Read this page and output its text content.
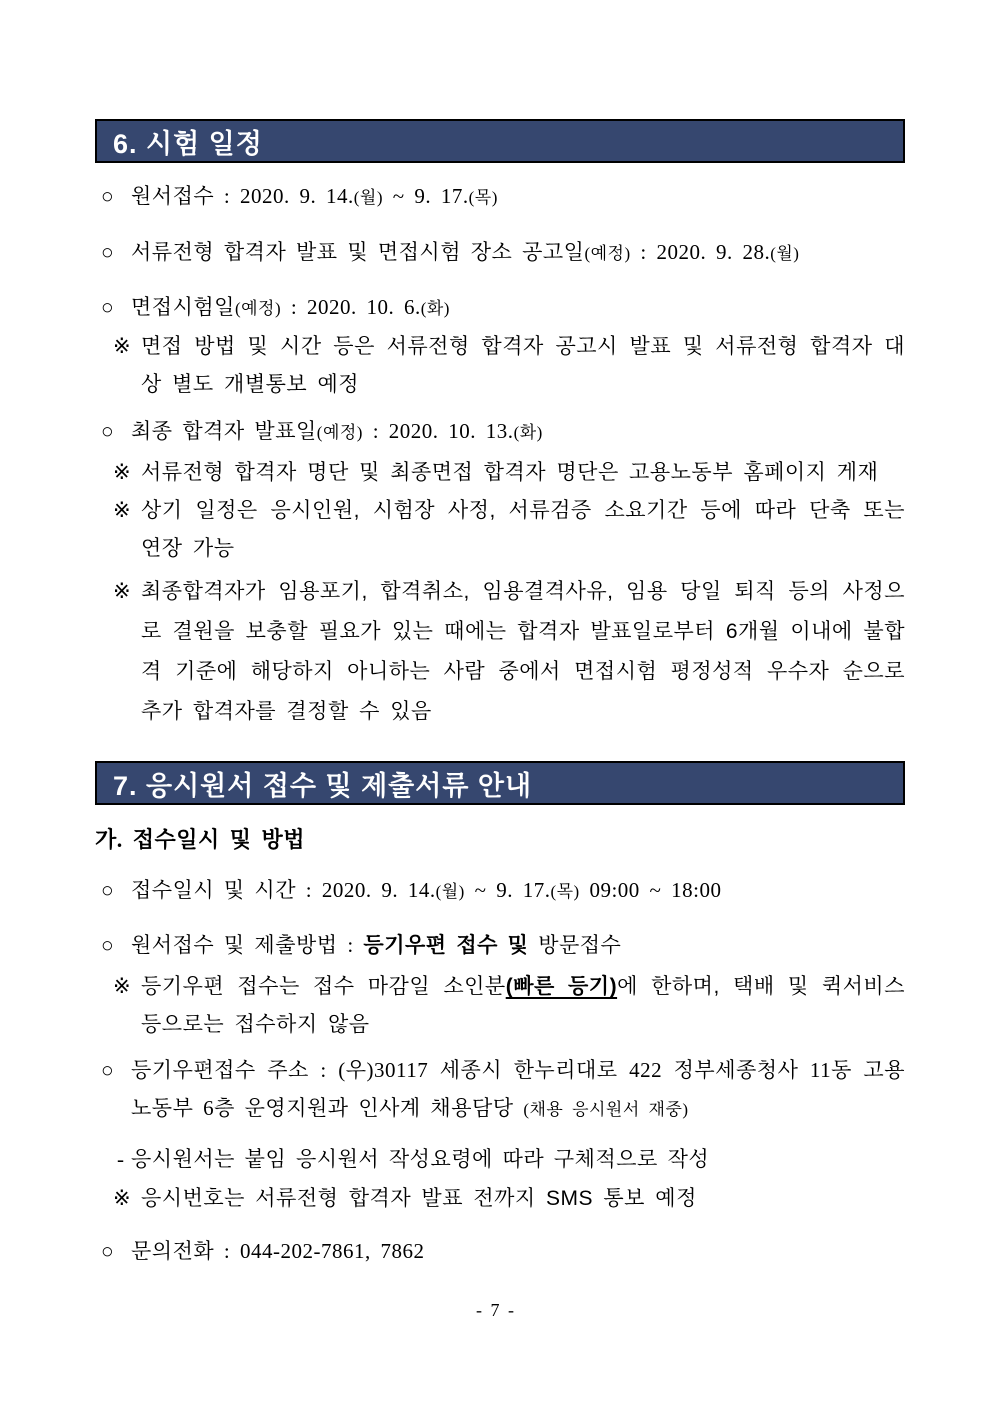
6. 시험 일정
○ 원서접수 : 2020. 9. 14.(월) ~ 9. 17.(목)
○ 서류전형 합격자 발표 및 면접시험 장소 공고일(예정) : 2020. 9. 28.(월)
○ 면접시험일(예정) : 2020. 10. 6.(화)
※ 면접 방법 및 시간 등은 서류전형 합격자 공고시 발표 및 서류전형 합격자 대상 별도 개별통보 예정
○ 최종 합격자 발표일(예정) : 2020. 10. 13.(화)
※ 서류전형 합격자 명단 및 최종면접 합격자 명단은 고용노동부 홈페이지 게재
※ 상기 일정은 응시인원, 시험장 사정, 서류검증 소요기간 등에 따라 단축 또는 연장 가능
※ 최종합격자가 임용포기, 합격취소, 임용결격사유, 임용 당일 퇴직 등의 사정으로 결원을 보충할 필요가 있는 때에는 합격자 발표일로부터 6개월 이내에 불합격 기준에 해당하지 아니하는 사람 중에서 면접시험 평정성적 우수자 순으로 추가 합격자를 결정할 수 있음
7. 응시원서 접수 및 제출서류 안내
가. 접수일시 및 방법
○ 접수일시 및 시간 : 2020. 9. 14.(월) ~ 9. 17.(목) 09:00 ~ 18:00
○ 원서접수 및 제출방법 : 등기우편 접수 및 방문접수
※ 등기우편 접수는 접수 마감일 소인분(빠른 등기)에 한하며, 택배 및 퀵서비스 등으로는 접수하지 않음
○ 등기우편접수 주소 : (우)30117 세종시 한누리대로 422 정부세종청사 11동 고용노동부 6층 운영지원과 인사계 채용담당 (채용 응시원서 재중)
- 응시원서는 붙임 응시원서 작성요령에 따라 구체적으로 작성
※ 응시번호는 서류전형 합격자 발표 전까지 SMS 통보 예정
○ 문의전화 : 044-202-7861, 7862
- 7 -
